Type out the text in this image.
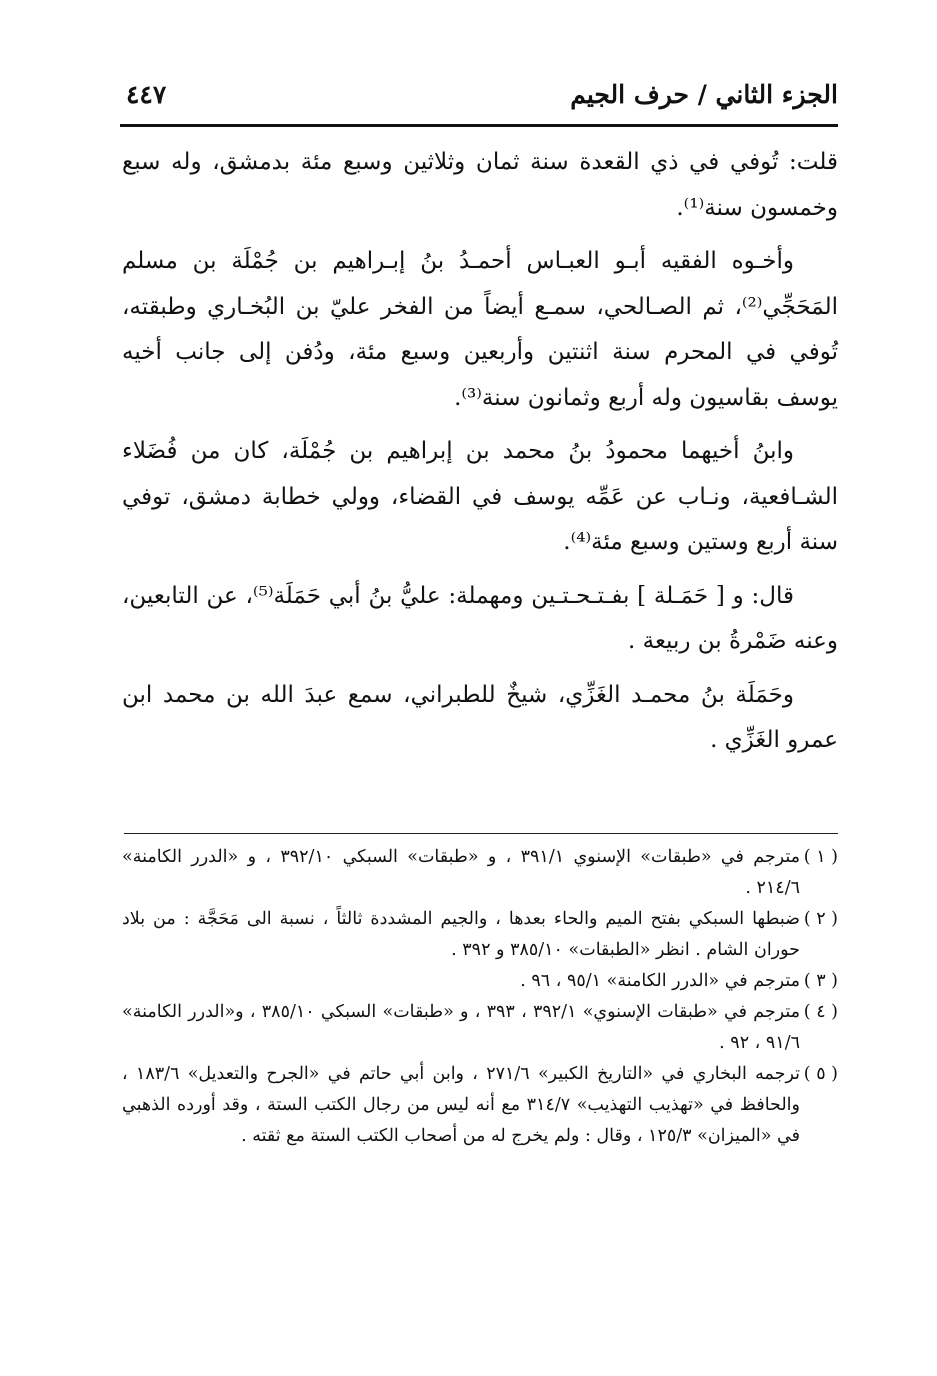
الجزء الثاني / حرف الجيم
٤٤٧

قلت: تُوفي في ذي القعدة سنة ثمان وثلاثين وسبع مئة بدمشق، وله سبع وخمسون سنة⁽¹⁾.

وأخـوه الفقيه أبـو العبـاس أحمـدُ بنُ إبـراهيم بن جُمْلَة بن مسلم المَحَجِّي⁽²⁾، ثم الصـالحي، سمـع أيضاً من الفخر عليّ بن البُخـاري وطبقته، تُوفي في المحرم سنة اثنتين وأربعين وسبع مئة، ودُفن إلى جانب أخيه يوسف بقاسيون وله أربع وثمانون سنة⁽³⁾.

وابنُ أخيهما محمودُ بنُ محمد بن إبراهيم بن جُمْلَة، كان من فُضَلاء الشـافعية، ونـاب عن عَمِّه يوسف في القضاء، وولي خطابة دمشق، توفي سنة أربع وستين وسبع مئة⁽⁴⁾.

قال: و [ حَمَـلة ] بفـتـحـتـين ومهملة: عليُّ بنُ أبي حَمَلَة⁽⁵⁾، عن التابعين، وعنه ضَمْرةُ بن ربيعة .

وحَمَلَة بنُ محمـد الغَزِّي، شيخٌ للطبراني، سمع عبدَ الله بن محمد ابن عمرو الغَزِّي .

( ١ )مترجم في «طبقات» الإسنوي ٣٩١/١ ، و «طبقات» السبكي ٣٩٢/١٠ ، و «الدرر الكامنة» ٢١٤/٦ .

( ٢ )ضبطها السبكي بفتح الميم والحاء بعدها ، والجيم المشددة ثالثاً ، نسبة الى مَحَجَّة : من بلاد حوران الشام . انظر «الطبقات» ٣٨٥/١٠ و ٣٩٢ .

( ٣ )مترجم في «الدرر الكامنة» ٩٥/١ ، ٩٦ .

( ٤ )مترجم في «طبقات الإسنوي» ٣٩٢/١ ، ٣٩٣ ، و «طبقات» السبكي ٣٨٥/١٠ ، و«الدرر الكامنة» ٩١/٦ ، ٩٢ .

( ٥ )ترجمه البخاري في «التاريخ الكبير» ٢٧١/٦ ، وابن أبي حاتم في «الجرح والتعديل» ١٨٣/٦ ، والحافظ في «تهذيب التهذيب» ٣١٤/٧ مع أنه ليس من رجال الكتب الستة ، وقد أورده الذهبي في «الميزان» ١٢٥/٣ ، وقال : ولم يخرج له من أصحاب الكتب الستة مع ثقته .
